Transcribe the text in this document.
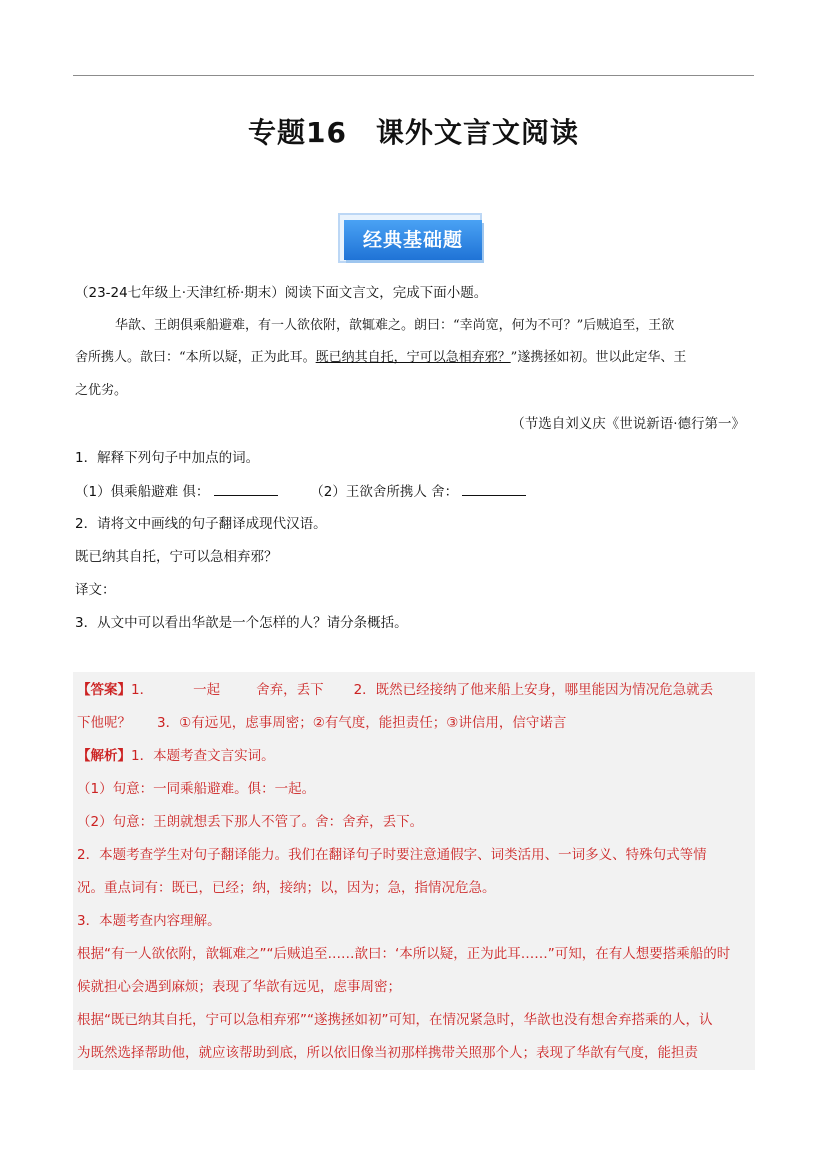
专题16　课外文言文阅读
经典基础题
（23-24七年级上·天津红桥·期末）阅读下面文言文，完成下面小题。
华歆、王朗俱乘船避难，有一人欲依附，歆辄难之。朗曰：“幸尚宽，何为不可？”后贼追至，王欲
舍所携人。歆曰：“本所以疑，正为此耳。既已纳其自托，宁可以急相弃邪？”遂携拯如初。世以此定华、王
之优劣。
（节选自刘义庆《世说新语·德行第一》
1．解释下列句子中加点的词。
（1）俱乘船避难 俱：	（2）王欲舍所携人 舍：
2．请将文中画线的句子翻译成现代汉语。
既已纳其自托，宁可以急相弃邪？
译文：
3．从文中可以看出华歆是一个怎样的人？请分条概括。
【答案】1．	一起	舍弃，丢下 2．既然已经接纳了他来船上安身，哪里能因为情况危急就丢
下他呢？ 3．①有远见，虑事周密；②有气度，能担责任；③讲信用，信守诺言
【解析】1．本题考查文言实词。
（1）句意：一同乘船避难。俱：一起。
（2）句意：王朗就想丢下那人不管了。舍：舍弃，丢下。
2．本题考查学生对句子翻译能力。我们在翻译句子时要注意通假字、词类活用、一词多义、特殊句式等情
况。重点词有：既已，已经；纳，接纳；以，因为；急，指情况危急。
3．本题考查内容理解。
根据“有一人欲依附，歆辄难之”“后贼追至……歆曰：‘本所以疑，正为此耳……”可知，在有人想要搭乘船的时
候就担心会遇到麻烦；表现了华歆有远见，虑事周密；
根据“既已纳其自托，宁可以急相弃邪”“遂携拯如初”可知，在情况紧急时，华歆也没有想舍弃搭乘的人，认
为既然选择帮助他，就应该帮助到底，所以依旧像当初那样携带关照那个人；表现了华歆有气度，能担责
